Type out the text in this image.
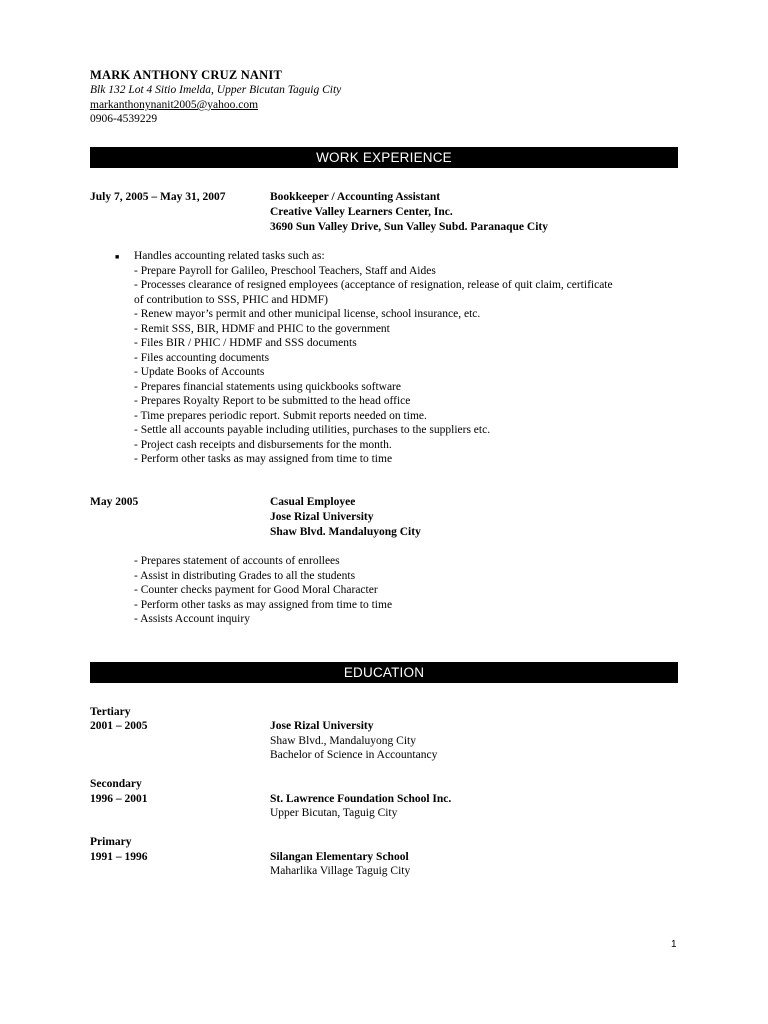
MARK ANTHONY CRUZ NANIT
Blk 132 Lot 4 Sitio Imelda, Upper Bicutan Taguig City
markanthonynanit2005@yahoo.com
0906-4539229
WORK EXPERIENCE
July 7, 2005 – May 31, 2007	Bookkeeper / Accounting Assistant
Creative Valley Learners Center, Inc.
3690 Sun Valley Drive, Sun Valley Subd. Paranaque City
■ Handles accounting related tasks such as:
- Prepare Payroll for Galileo, Preschool Teachers, Staff and Aides
- Processes clearance of resigned employees (acceptance of resignation, release of quit claim, certificate
of contribution to SSS, PHIC and HDMF)
- Renew mayor’s permit and other municipal license, school insurance, etc.
- Remit SSS, BIR, HDMF and PHIC to the government
- Files BIR / PHIC / HDMF and SSS documents
- Files accounting documents
- Update Books of Accounts
- Prepares financial statements using quickbooks software
- Prepares Royalty Report to be submitted to the head office
- Time prepares periodic report. Submit reports needed on time.
- Settle all accounts payable including utilities, purchases to the suppliers etc.
- Project cash receipts and disbursements for the month.
- Perform other tasks as may assigned from time to time
May 2005	Casual Employee
Jose Rizal University
Shaw Blvd. Mandaluyong City
- Prepares statement of accounts of enrollees
- Assist in distributing Grades to all the students
- Counter checks payment for Good Moral Character
- Perform other tasks as may assigned from time to time
- Assists Account inquiry
EDUCATION
Tertiary
2001 – 2005	Jose Rizal University
Shaw Blvd., Mandaluyong City
Bachelor of Science in Accountancy
Secondary
1996 – 2001	St. Lawrence Foundation School Inc.
Upper Bicutan, Taguig City
Primary
1991 – 1996	Silangan Elementary School
Maharlika Village Taguig City
1
